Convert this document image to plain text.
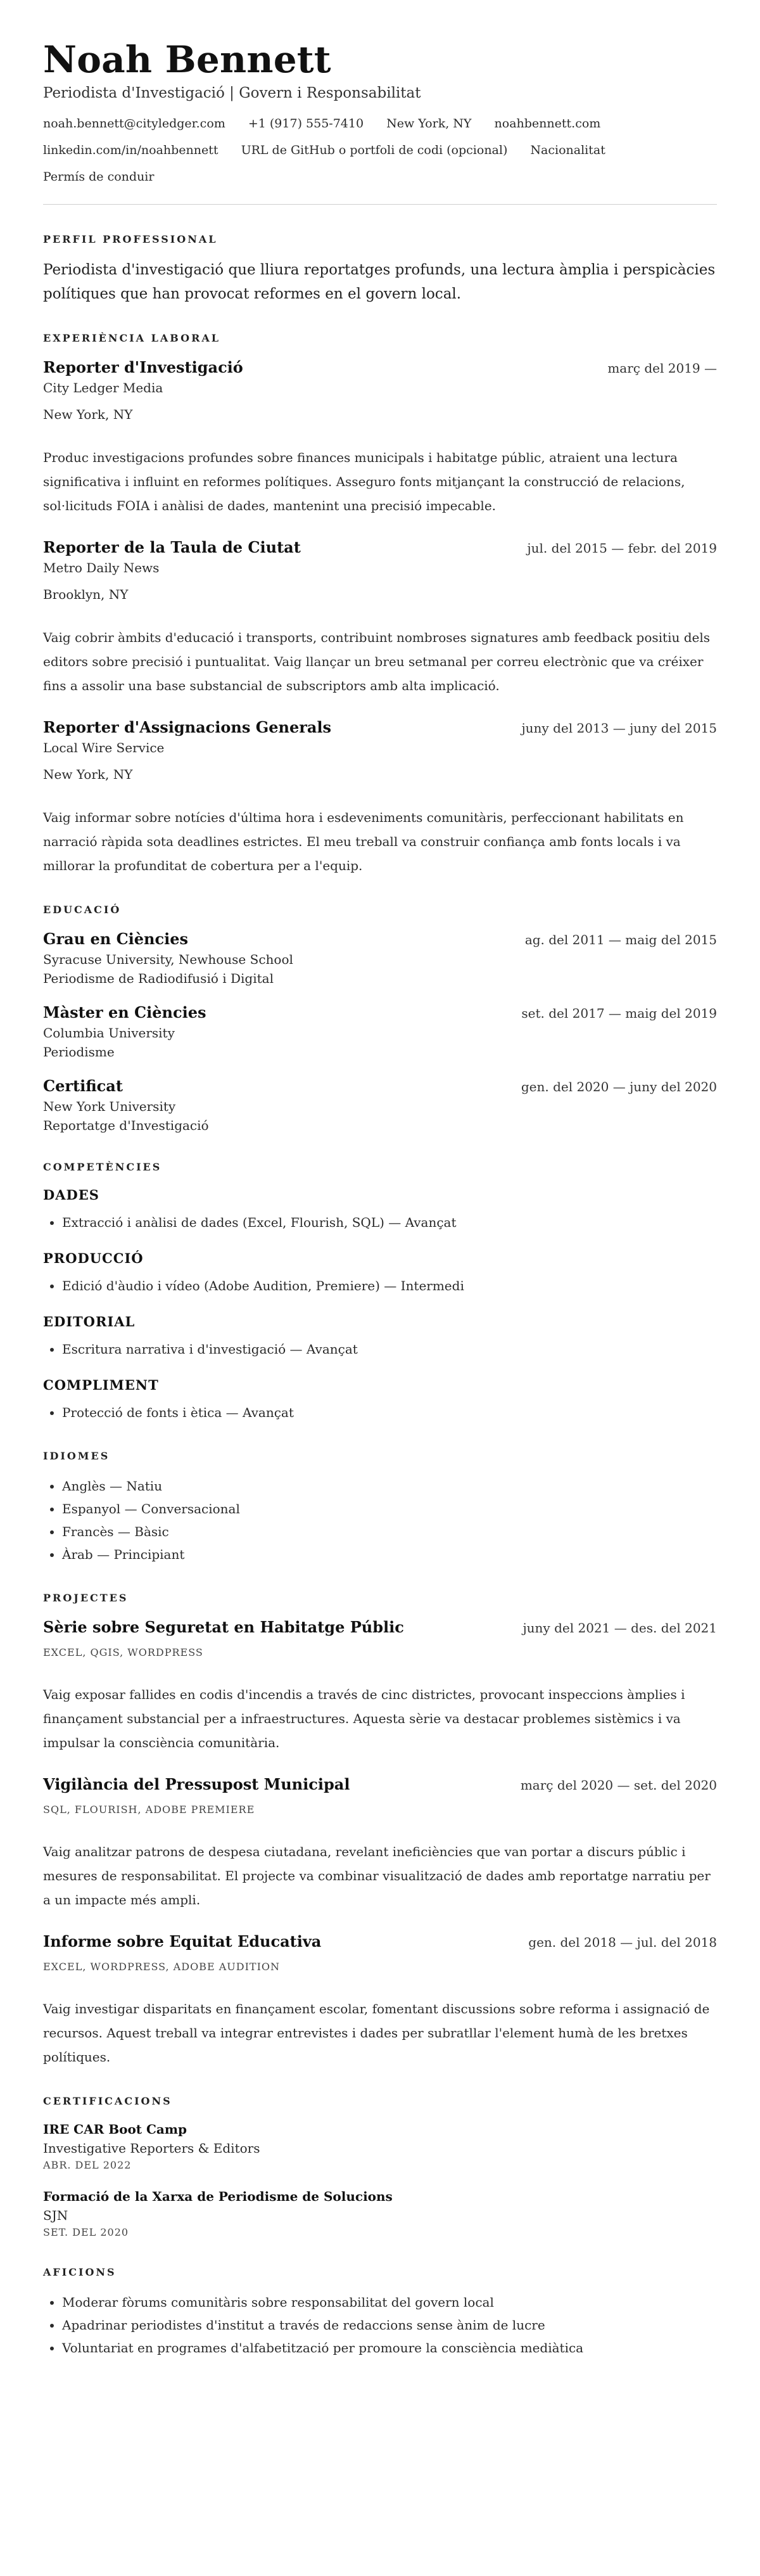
Noah Bennett

Periodista d'Investigació | Govern i Responsabilitat

noah.bennett@cityledger.com +1 (917) 555-7410 New York, NY noahbennett.com linkedin.com/in/noahbennett URL de GitHub o portfoli de codi (opcional) Nacionalitat Permís de conduir
PERFIL PROFESSIONAL

Periodista d'investigació que lliura reportatges profunds, una lectura àmplia i perspicàcies polítiques que han provocat reformes en el govern local.

EXPERIÈNCIA LABORAL
Reporter d'Investigació	març del 2019 —
City Ledger Media
New York, NY

Produc investigacions profundes sobre finances municipals i habitatge públic, atraient una lectura significativa i influint en reformes polítiques. Asseguro fonts mitjançant la construcció de relacions, sol·licituds FOIA i anàlisi de dades, mantenint una precisió impecable.

Reporter de la Taula de Ciutat	jul. del 2015 — febr. del 2019
Metro Daily News
Brooklyn, NY

Vaig cobrir àmbits d'educació i transports, contribuint nombroses signatures amb feedback positiu dels editors sobre precisió i puntualitat. Vaig llançar un breu setmanal per correu electrònic que va créixer fins a assolir una base substancial de subscriptors amb alta implicació.

Reporter d'Assignacions Generals	juny del 2013 — juny del 2015
Local Wire Service
New York, NY

Vaig informar sobre notícies d'última hora i esdeveniments comunitàris, perfeccionant habilitats en narració ràpida sota deadlines estrictes. El meu treball va construir confiança amb fonts locals i va millorar la profunditat de cobertura per a l'equip.

EDUCACIÓ
Grau en Ciències	ag. del 2011 — maig del 2015
Syracuse University, Newhouse School
Periodisme de Radiodifusió i Digital
Màster en Ciències	set. del 2017 — maig del 2019
Columbia University
Periodisme
Certificat	gen. del 2020 — juny del 2020
New York University
Reportatge d'Investigació
COMPETÈNCIES
DADES
• Extracció i anàlisi de dades (Excel, Flourish, SQL) — Avançat
PRODUCCIÓ
• Edició d'àudio i vídeo (Adobe Audition, Premiere) — Intermedi
EDITORIAL
• Escritura narrativa i d'investigació — Avançat
COMPLIMENT
• Protecció de fonts i ètica — Avançat
IDIOMES
• Anglès — Natiu
• Espanyol — Conversacional
• Francès — Bàsic
• Àrab — Principiant
PROJECTES
Sèrie sobre Seguretat en Habitatge Públic	juny del 2021 — des. del 2021
EXCEL, QGIS, WORDPRESS

Vaig exposar fallides en codis d'incendis a través de cinc districtes, provocant inspeccions àmplies i finançament substancial per a infraestructures. Aquesta sèrie va destacar problemes sistèmics i va impulsar la consciència comunitària.

Vigilància del Pressupost Municipal	març del 2020 — set. del 2020
SQL, FLOURISH, ADOBE PREMIERE

Vaig analitzar patrons de despesa ciutadana, revelant ineficiències que van portar a discurs públic i mesures de responsabilitat. El projecte va combinar visualització de dades amb reportatge narratiu per a un impacte més ampli.

Informe sobre Equitat Educativa	gen. del 2018 — jul. del 2018
EXCEL, WORDPRESS, ADOBE AUDITION

Vaig investigar disparitats en finançament escolar, fomentant discussions sobre reforma i assignació de recursos. Aquest treball va integrar entrevistes i dades per subratllar l'element humà de les bretxes polítiques.

CERTIFICACIONS
IRE CAR Boot Camp
Investigative Reporters & Editors
ABR. DEL 2022
Formació de la Xarxa de Periodisme de Solucions
SJN
SET. DEL 2020
AFICIONS
• Moderar fòrums comunitàris sobre responsabilitat del govern local
• Apadrinar periodistes d'institut a través de redaccions sense ànim de lucre
• Voluntariat en programes d'alfabetització per promoure la consciència mediàtica
